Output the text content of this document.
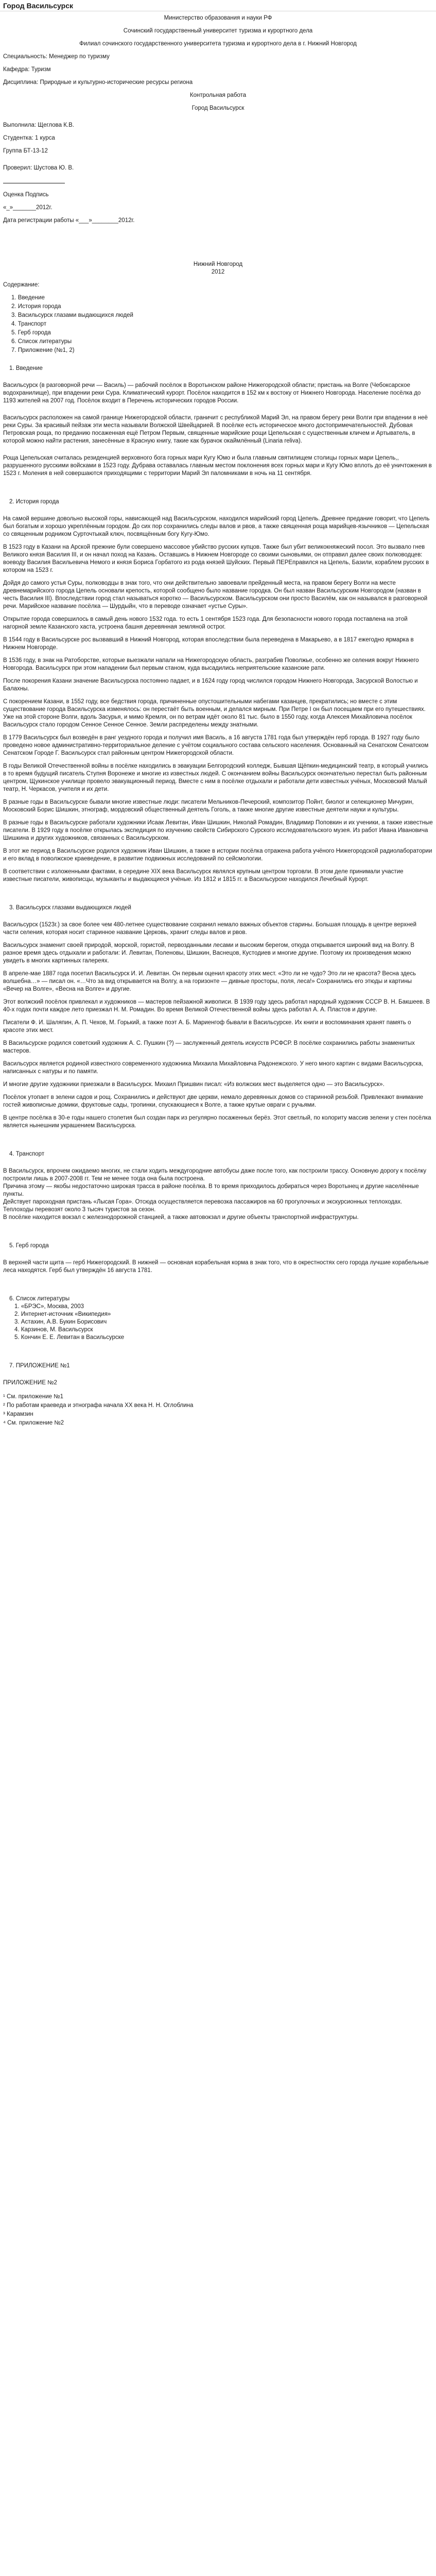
Город Васильсурск

Министерство образования и науки РФ

Сочинский государственный университет туризма и курортного дела

Филиал сочинского государственного университета туризма и курортного дела в г. Нижний Новгород

Специальность: Менеджер по туризму

Кафедра: Туризм

Дисциплина: Природные и культурно-исторические ресурсы региона

Контрольная работа

Город Васильсурск

Выполнила: Щеглова К.В.

Студентка: 1 курса

Группа БТ-13-12

Проверил: Шустова Ю. В.

Оценка Подпись

«_»_______2012г.

Дата регистрации работы «___»________2012г.

Нижний Новгород

2012

Содержание:

1. Введение
2. История города
3. Васильсурск глазами выдающихся людей
4. Транспорт
5. Герб города
6. Список литературы
7. Приложение (№1, 2)

1. Введение

Васильсурск (в разговорной речи — Василь) — рабочий посёлок в Воротынском районе Нижегородской области; пристань на Волге (Чебоксарское водохранилище), при впадении реки Сура. Климатический курорт. Посёлок находится в 152 км к востоку от Нижнего Новгорода. Население посёлка до 1193 жителей на 2007 год. Посёлок входит в Перечень исторических городов России.

Васильсурск расположен на самой границе Нижегородской области, граничит с республикой Марий Эл, на правом берегу реки Волги при впадении в неё реки Суры. За красивый пейзаж эти места называли Волжской Швейцарией. В посёлке есть историческое много достопримечательностей. Дубовая Петровская роща, по преданию посаженная ещё Петром Первым, священные марийские рощи Цепельская с существенным кличем и Артыватель, в которой можно найти растения, занесённые в Красную книгу, такие как бурачок окаймлённый (Linaria reliva).

Роща Цепельская считалась резиденцией верховного бога горных мари Кугу Юмо и была главным святилищем столицы горных мари Цепель,, разрушенного русскими войсками в 1523 году. Дубрава оставалась главным местом поклонения всех горных мари и Кугу Юмо вплоть до её уничтожения в 1523 г. Моления в ней совершаются приходящими с территории Марий Эл паломниками в ночь на 11 сентября.

2. История города

На самой вершине довольно высокой горы, нависающей над Васильсурском, находился марийский город Цепель. Древнее предание говорит, что Цепель был богатым и хорошо укреплённым городом. До сих пор сохранились следы валов и рвов, а также священная роща марийцев-язычников — Цепельская со священным родником Сурточтыкай ключ, посвящённым богу Кугу-Юмо.

В 1523 году в Казани на Арской прежние були совершено массовое убийство русских купцов. Также был убит великокняжеский посол. Это вызвало гнев Великого князя Василия III, и он начал поход на Казань. Оставшись в Нижнем Новгороде со своими сыновьями, он отправил далее своих полководцев: воеводу Василия Васильевича Немого и князя Бориса Горбатого из рода князей Шуйских. Первый ПЕРЕправился на Цепель, Базили, кораблем русских в котором на 1523 г.

Дойдя до самого устья Суры, полководцы в знак того, что они действительно завоевали прейденный места, на правом берегу Волги на месте древнемарийского города Цепель основали крепость, которой сообщено было название городка. Он был назван Васильсурским Новгородом (назван в честь Василия III). Впоследствии город стал называться коротко — Васильсурском. Васильсурском они просто Василём, как он назывался в разговорной речи. Марийское название посёлка — Шурдыйн, что в переводе означает «устье Суры».

Открытие города совершилось в самый день нового 1532 года. то есть 1 сентября 1523 года. Для безопасности нового города поставлена на этой нагорной земле Казанского хаста, устроена башня деревянная земляной острог.

В 1544 году в Васильсурске рос вызвавший в Нижний Новгород, которая впоследствии была переведена в Макарьево, а в 1817 ежегодно ярмарка в Нижнем Новгороде.

В 1536 году, в знак на Ратоборстве, которые выезжали напали на Нижегородскую область, разграбив Поволжье, особенно же селения вокруг Нижнего Новгорода. Васильсурск при этом нападении был первым станом, куда высадились неприятельские казанские рати.

После покорения Казани значение Васильсурска постоянно падает, и в 1624 году город числился городом Нижнего Новгорода, Засурской Волостью и Балахны.

С покорением Казани, в 1552 году, все бедствия города, причиненные опустошительными набегами казанцев, прекратились; но вместе с этим существование города Васильсурска изменялось: он перестаёт быть военным, и делался мирным. При Петре I он был посещаем при его путешествиях. Уже на этой стороне Волги, вдоль Засурья, и мимо Кремля, он по ветрам идёт около 81 тыс. было в 1550 году, когда Алексея Михайловича посёлок Васильсурск стало городом Сенное Сенное Сенное. Земли распределены между знатными.

В 1779 Васильсурск был возведён в ранг уездного города и получил имя Василь, а 16 августа 1781 года был утверждён герб города. В 1927 году было проведено новое административно-территориальное деление с учётом социального состава сельского населения. Основанный на Сенатском Сенатском Сенатском Городе Г. Васильсурск стал районным центром Нижегородской области.

В годы Великой Отечественной войны в посёлке находились в эвакуации Белгородский колледж, Бывшая Щёпкин-медицинский театр, в который учились в то время будущий писатель Ступня Воронеже и многие из известных людей. С окончанием войны Васильсурск окончательно перестал быть районным центром, Щукинское училище провело эвакуационный период. Вместе с ним в посёлке отдыхали и работали дети известных учёных, Московский Малый театр, Н. Черкасов, учителя и их дети.

В разные годы в Васильсурске бывали многие известные люди: писатели Мельников-Печерский, композитор Пойнт, биолог и селекционер Мичурин, Московский Борис Шишкин, этнограф, мордовский общественный деятель Гоголь, а также многие другие известные деятели науки и культуры.

В разные годы в Васильсурске работали художники Исаак Левитан, Иван Шишкин, Николай Ромадин, Владимир Поповкин и их ученики, а также известные писатели. В 1929 году в посёлке открылась экспедиция по изучению свойств Сибирского Сурского исследовательского музея. Из работ Ивана Ивановича Шишкина и других художников, связанных с Васильсурском.

В этот же период в Васильсурске родился художник Иван Шишкин, а также в истории посёлка отражена работа учёного Нижегородской радиолаборатории и его вклад в поволжское краеведение, в развитие подвижных исследований по сейсмологии.

В соответствии с изложенными фактами, в середине XIX века Васильсурск являлся крупным центром торговли. В этом деле принимали участие известные писатели, живописцы, музыканты и выдающиеся учёные. Из 1812 и 1815 гг. в Васильсурске находился Лечебный Курорт.

3. Васильсурск глазами выдающихся людей

Васильсурск (1523г.) за свое более чем 480-летнее существование сохранил немало важных объектов старины. Большая площадь в центре верхней части селения, которая носит старинное название Церковь, хранит следы валов и рвов.

Васильсурск знаменит своей природой, морской, гористой, первозданными лесами и высоким берегом, откуда открывается широкий вид на Волгу. В разное время здесь отдыхали и работали: И. Левитан, Поленовы, Шишкин, Васнецов, Кустодиев и многие другие. Поэтому их произведения можно увидеть в многих картинных галереях.

В апреле-мае 1887 года посетил Васильсурск И. И. Левитан. Он первым оценил красоту этих мест. «Это ли не чудо? Это ли не красота? Весна здесь волшебна…» — писал он. «…Что за вид открывается на Волгу, а на горизонте — дивные просторы, поля, леса!» Сохранились его этюды и картины «Вечер на Волге», «Весна на Волге» и другие.

Этот волжский посёлок привлекал и художников — мастеров пейзажной живописи. В 1939 году здесь работал народный художник СССР В. Н. Бакшеев. В 40-х годах почти каждое лето приезжал Н. М. Ромадин. Во время Великой Отечественной войны здесь работал А. А. Пластов и другие.

Писатели Ф. И. Шаляпин, А. П. Чехов, М. Горький, а также поэт А. Б. Мариенгоф бывали в Васильсурске. Их книги и воспоминания хранят память о красоте этих мест.

В Васильсурске родился советский художник А. С. Пушкин (?) — заслуженный деятель искусств РСФСР. В посёлке сохранились работы знаменитых мастеров.

Васильсурск является родиной известного современного художника Михаила Михайловича Радонежского. У него много картин с видами Васильсурска, написанных с натуры и по памяти.

И многие другие художники приезжали в Васильсурск. Михаил Пришвин писал: «Из волжских мест выделяется одно — это Васильсурск».

Посёлок утопает в зелени садов и рощ. Сохранились и действуют две церкви, немало деревянных домов со старинной резьбой. Привлекают внимание гостей живописные домики, фруктовые сады, тропинки, спускающиеся к Волге, а также крутые овраги с ручьями.

В центре посёлка в 30-е годы нашего столетия был создан парк из регулярно посаженных берёз. Этот светлый, по колориту массив зелени у стен посёлка является нынешним украшением Васильсурска.

4. Транспорт

В Васильсурск, впрочем ожидаемо многих, не стали ходить междугородние автобусы даже после того, как построили трассу. Основную дорогу к посёлку построили лишь в 2007-2008 гг. Тем не менее тогда она была построена.

Причина этому — якобы недостаточно широкая трасса в районе посёлка. В то время приходилось добираться через Воротынец и другие населённые пункты.

Действует пароходная пристань «Лысая Гора». Отсюда осуществляется перевозка пассажиров на 60 прогулочных и экскурсионных теплоходах. Теплоходы перевозят около 3 тысяч туристов за сезон.

В посёлке находится вокзал с железнодорожной станцией, а также автовокзал и другие объекты транспортной инфраструктуры.

5. Герб города

В верхней части щита — герб Нижегородский. В нижней — основная корабельная корма в знак того, что в окрестностях сего города лучшие корабельные леса находятся. Герб был утверждён 16 августа 1781.

6. Список литературы

1. «БРЭС», Москва, 2003
2. Интернет-источник «Википедия»
3. Астахин, А.В. Букин Борисович
4. Карзинов, М. Васильсурск
5. Кончин Е. Е. Левитан в Васильсурске

7. ПРИЛОЖЕНИЕ №1

ПРИЛОЖЕНИЕ №2

¹ См. приложение №1

² По работам краеведа и этнографа начала XX века Н. Н. Оглоблина

³ Карамзин

⁴ См. приложение №2
